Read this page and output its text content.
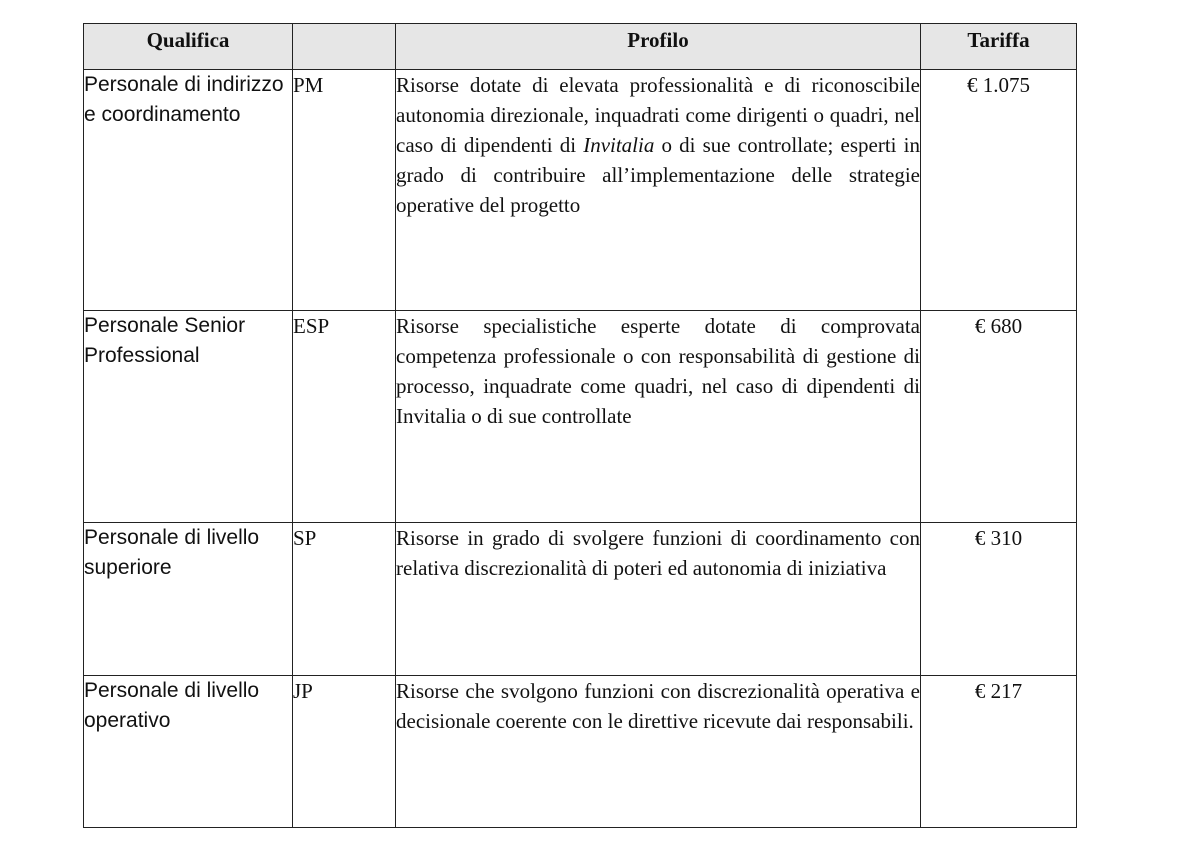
Qualifica		Profilo	Tariffa
Personale di indirizzo e coordinamento	PM	Risorse dotate di elevata professionalità e di riconoscibile autonomia direzionale, inquadrati come dirigenti o quadri, nel caso di dipendenti di Invitalia o di sue controllate; esperti in grado di contribuire all’implementazione delle strategie operative del progetto	€ 1.075
Personale Senior Professional	ESP	Risorse specialistiche esperte dotate di comprovata competenza professionale o con responsabilità di gestione di processo, inquadrate come quadri, nel caso di dipendenti di Invitalia o di sue controllate	€ 680
Personale di livello superiore	SP	Risorse in grado di svolgere funzioni di coordinamento con relativa discrezionalità di poteri ed autonomia di iniziativa	€ 310
Personale di livello operativo	JP	Risorse che svolgono funzioni con discrezionalità operativa e decisionale coerente con le direttive ricevute dai responsabili.	€ 217
